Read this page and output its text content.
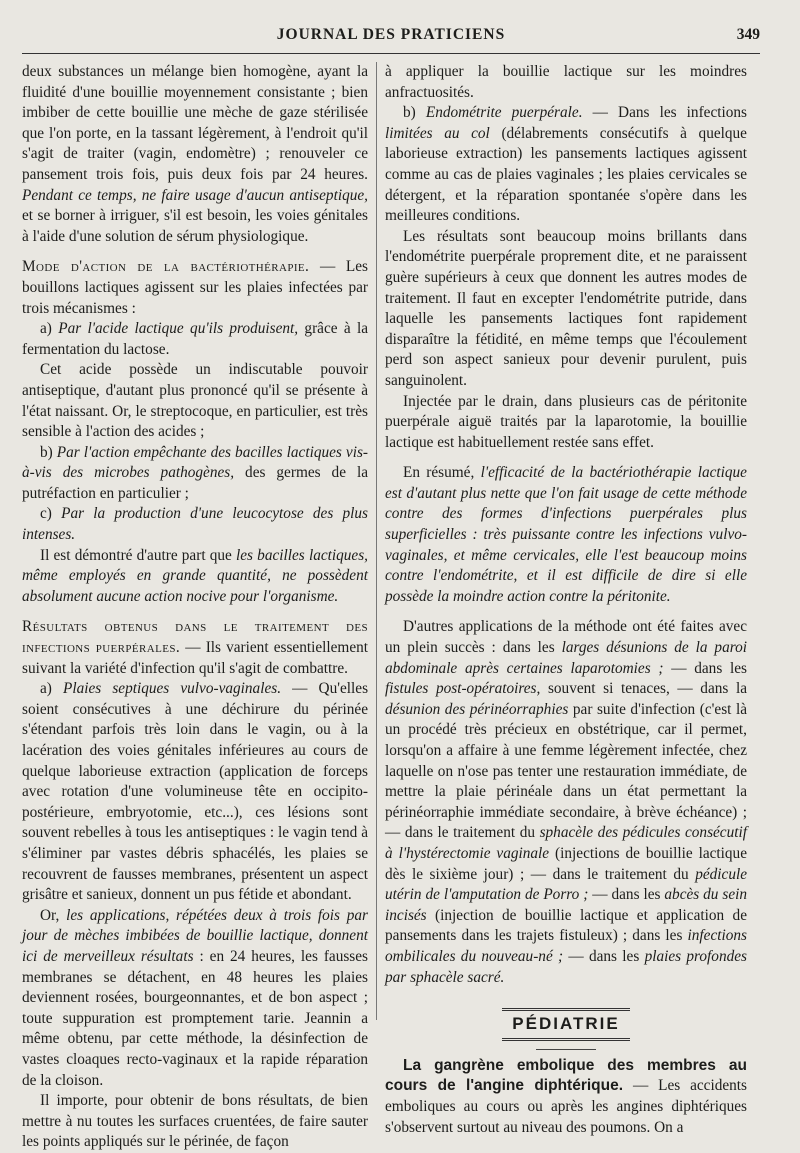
JOURNAL DES PRATICIENS	349

deux substances un mélange bien homogène, ayant la fluidité d'une bouillie moyennement consistante ; bien imbiber de cette bouillie une mèche de gaze stérilisée que l'on porte, en la tassant légèrement, à l'endroit qu'il s'agit de traiter (vagin, endomètre) ; renouveler ce pansement trois fois, puis deux fois par 24 heures. Pendant ce temps, ne faire usage d'aucun antiseptique, et se borner à irriguer, s'il est besoin, les voies génitales à l'aide d'une solution de sérum physiologique.

Mode d'action de la bactériothérapie. — Les bouillons lactiques agissent sur les plaies infectées par trois mécanismes :

a) Par l'acide lactique qu'ils produisent, grâce à la fermentation du lactose.

Cet acide possède un indiscutable pouvoir antiseptique, d'autant plus prononcé qu'il se présente à l'état naissant. Or, le streptocoque, en particulier, est très sensible à l'action des acides ;

b) Par l'action empêchante des bacilles lactiques vis-à-vis des microbes pathogènes, des germes de la putréfaction en particulier ;

c) Par la production d'une leucocytose des plus intenses.

Il est démontré d'autre part que les bacilles lactiques, même employés en grande quantité, ne possèdent absolument aucune action nocive pour l'organisme.

Résultats obtenus dans le traitement des infections puerpérales. — Ils varient essentiellement suivant la variété d'infection qu'il s'agit de combattre.

a) Plaies septiques vulvo-vaginales. — Qu'elles soient consécutives à une déchirure du périnée s'étendant parfois très loin dans le vagin, ou à la lacération des voies génitales inférieures au cours de quelque laborieuse extraction (application de forceps avec rotation d'une volumineuse tête en occipito-postérieure, embryotomie, etc...), ces lésions sont souvent rebelles à tous les antiseptiques : le vagin tend à s'éliminer par vastes débris sphacélés, les plaies se recouvrent de fausses membranes, présentent un aspect grisâtre et sanieux, donnent un pus fétide et abondant.

Or, les applications, répétées deux à trois fois par jour de mèches imbibées de bouillie lactique, donnent ici de merveilleux résultats : en 24 heures, les fausses membranes se détachent, en 48 heures les plaies deviennent rosées, bourgeonnantes, et de bon aspect ; toute suppuration est promptement tarie. Jeannin a même obtenu, par cette méthode, la désinfection de vastes cloaques recto-vaginaux et la rapide réparation de la cloison.

Il importe, pour obtenir de bons résultats, de bien mettre à nu toutes les surfaces cruentées, de faire sauter les points appliqués sur le périnée, de façon

à appliquer la bouillie lactique sur les moindres anfractuosités.

b) Endométrite puerpérale. — Dans les infections limitées au col (délabrements consécutifs à quelque laborieuse extraction) les pansements lactiques agissent comme au cas de plaies vaginales ; les plaies cervicales se détergent, et la réparation spontanée s'opère dans les meilleures conditions.

Les résultats sont beaucoup moins brillants dans l'endométrite puerpérale proprement dite, et ne paraissent guère supérieurs à ceux que donnent les autres modes de traitement. Il faut en excepter l'endométrite putride, dans laquelle les pansements lactiques font rapidement disparaître la fétidité, en même temps que l'écoulement perd son aspect sanieux pour devenir purulent, puis sanguinolent.

Injectée par le drain, dans plusieurs cas de péritonite puerpérale aiguë traités par la laparotomie, la bouillie lactique est habituellement restée sans effet.

En résumé, l'efficacité de la bactériothérapie lactique est d'autant plus nette que l'on fait usage de cette méthode contre des formes d'infections puerpérales plus superficielles : très puissante contre les infections vulvo-vaginales, et même cervicales, elle l'est beaucoup moins contre l'endométrite, et il est difficile de dire si elle possède la moindre action contre la péritonite.

D'autres applications de la méthode ont été faites avec un plein succès : dans les larges désunions de la paroi abdominale après certaines laparotomies ; — dans les fistules post-opératoires, souvent si tenaces, — dans la désunion des périnéorraphies par suite d'infection (c'est là un procédé très précieux en obstétrique, car il permet, lorsqu'on a affaire à une femme légèrement infectée, chez laquelle on n'ose pas tenter une restauration immédiate, de mettre la plaie périnéale dans un état permettant la périnéorraphie immédiate secondaire, à brève échéance) ; — dans le traitement du sphacèle des pédicules consécutif à l'hystérectomie vaginale (injections de bouillie lactique dès le sixième jour) ; — dans le traitement du pédicule utérin de l'amputation de Porro ; — dans les abcès du sein incisés (injection de bouillie lactique et application de pansements dans les trajets fistuleux) ; dans les infections ombilicales du nouveau-né ; — dans les plaies profondes par sphacèle sacré.

PÉDIATRIE

La gangrène embolique des membres au cours de l'angine diphtérique. — Les accidents emboliques au cours ou après les angines diphtériques s'observent surtout au niveau des poumons. On a
